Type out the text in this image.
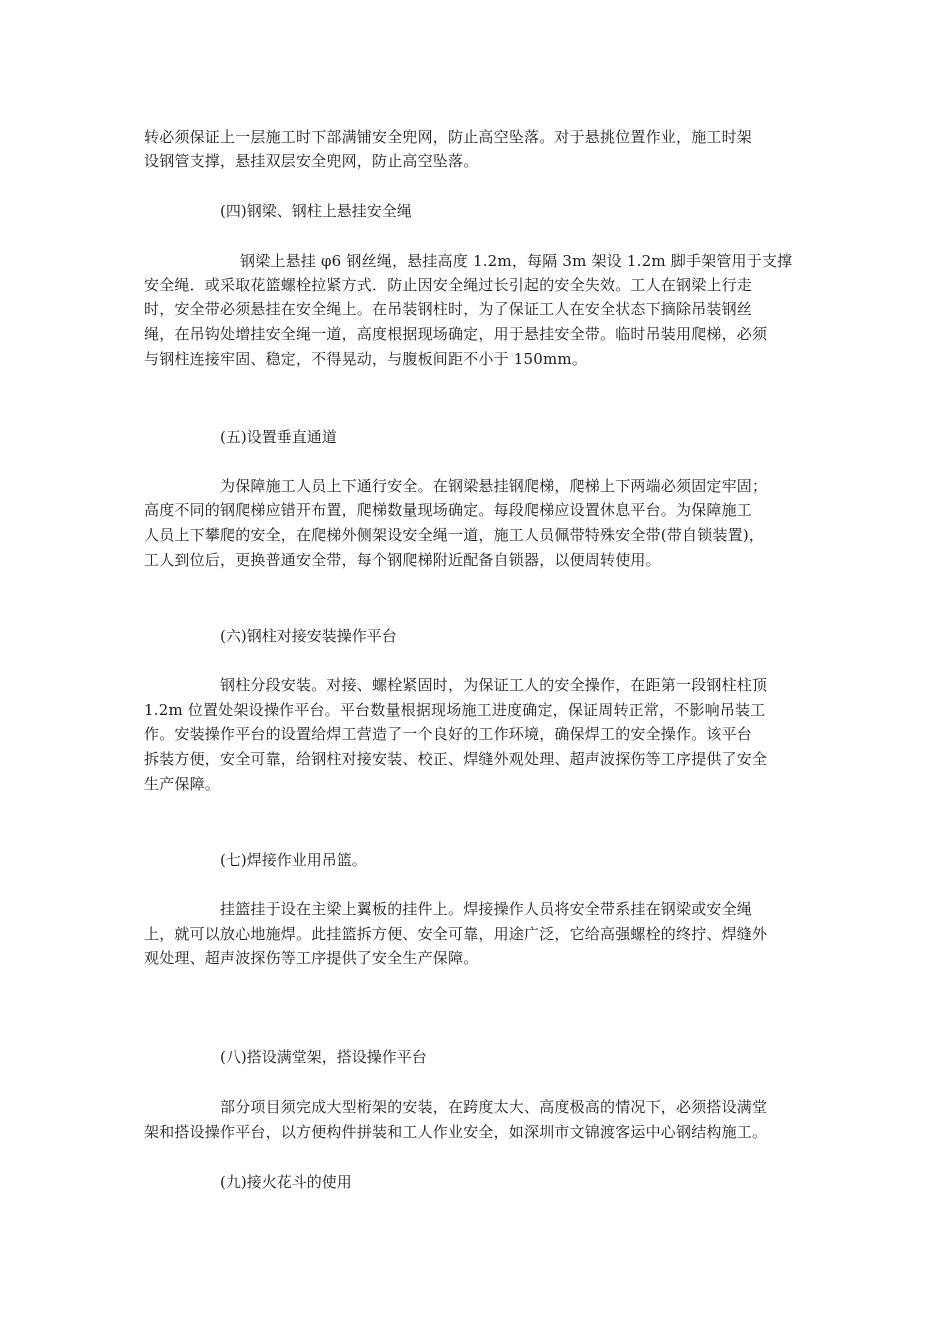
转必须保证上一层施工时下部满铺安全兜网，防止高空坠落。对于悬挑位置作业，施工时架
设钢管支撑，悬挂双层安全兜网，防止高空坠落。
(四)钢梁、钢柱上悬挂安全绳
钢梁上悬挂 φ6 钢丝绳，悬挂高度 1.2m，每隔 3m 架设 1.2m 脚手架管用于支撑
安全绳．或采取花篮螺栓拉紧方式．防止因安全绳过长引起的安全失效。工人在钢梁上行走
时，安全带必须悬挂在安全绳上。在吊装钢柱时，为了保证工人在安全状态下摘除吊装钢丝
绳，在吊钩处增挂安全绳一道，高度根据现场确定，用于悬挂安全带。临时吊装用爬梯，必须
与钢柱连接牢固、稳定，不得晃动，与腹板间距不小于 150mm。
(五)设置垂直通道
为保障施工人员上下通行安全。在钢梁悬挂钢爬梯，爬梯上下两端必须固定牢固；
高度不同的钢爬梯应错开布置，爬梯数量现场确定。每段爬梯应设置休息平台。为保障施工
人员上下攀爬的安全，在爬梯外侧架设安全绳一道，施工人员佩带特殊安全带(带自锁装置)，
工人到位后，更换普通安全带，每个钢爬梯附近配备自锁器，以便周转使用。
(六)钢柱对接安装操作平台
钢柱分段安装。对接、螺栓紧固时，为保证工人的安全操作，在距第一段钢柱柱顶
1.2m 位置处架设操作平台。平台数量根据现场施工进度确定，保证周转正常，不影响吊装工
作。安装操作平台的设置给焊工营造了一个良好的工作环境，确保焊工的安全操作。该平台
拆装方便，安全可靠，给钢柱对接安装、校正、焊缝外观处理、超声波探伤等工序提供了安全
生产保障。
(七)焊接作业用吊篮。
挂篮挂于设在主梁上翼板的挂件上。焊接操作人员将安全带系挂在钢梁或安全绳
上，就可以放心地施焊。此挂篮拆方便、安全可靠，用途广泛，它给高强螺栓的终拧、焊缝外
观处理、超声波探伤等工序提供了安全生产保障。
(八)搭设满堂架，搭设操作平台
部分项目须完成大型桁架的安装，在跨度太大、高度极高的情况下，必须搭设满堂
架和搭设操作平台，以方便构件拼装和工人作业安全，如深圳市文锦渡客运中心钢结构施工。
(九)接火花斗的使用
